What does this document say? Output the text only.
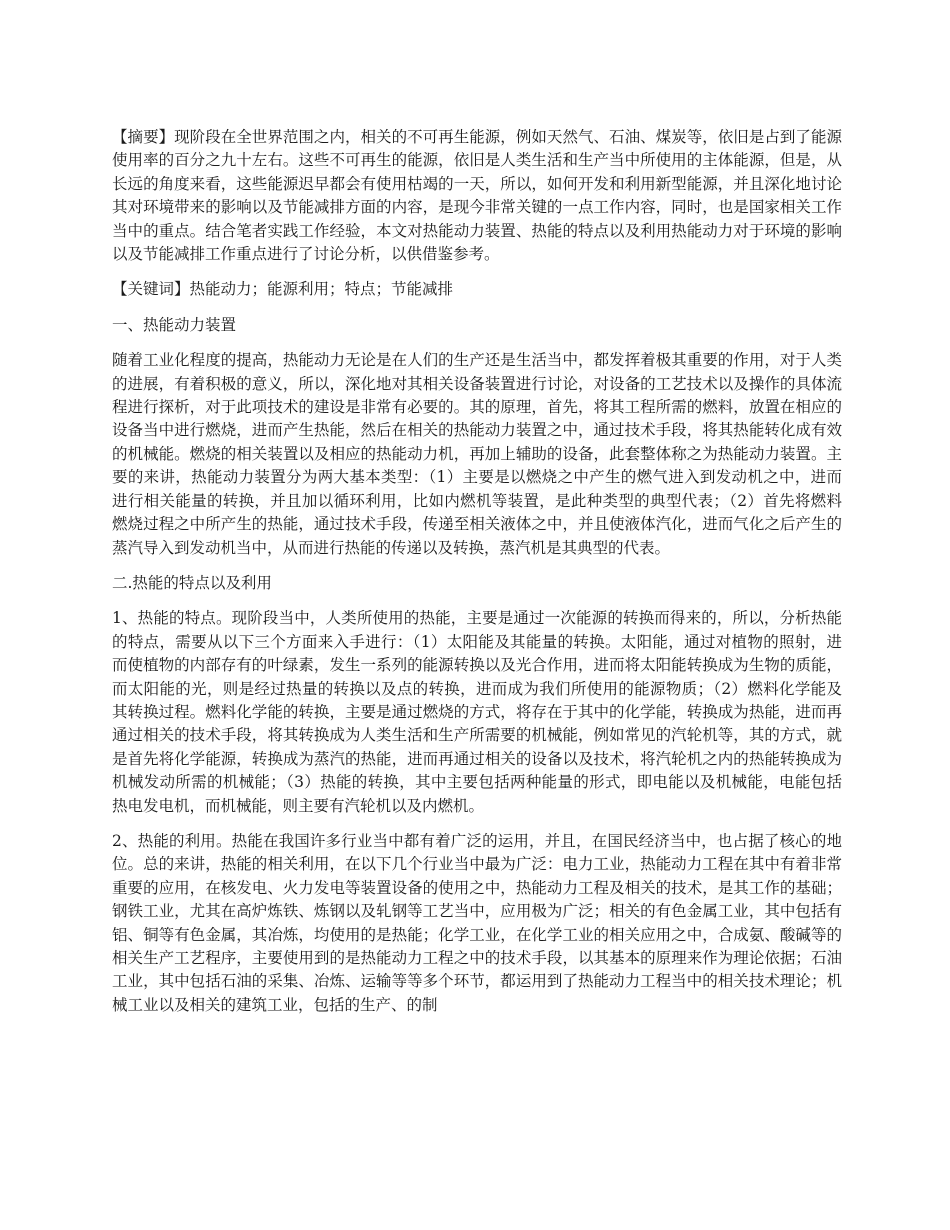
【摘要】现阶段在全世界范围之内，相关的不可再生能源，例如天然气、石油、煤炭等，依旧是占到了能源使用率的百分之九十左右。这些不可再生的能源，依旧是人类生活和生产当中所使用的主体能源，但是，从长远的角度来看，这些能源迟早都会有使用枯竭的一天，所以，如何开发和利用新型能源，并且深化地讨论其对环境带来的影响以及节能减排方面的内容，是现今非常关键的一点工作内容，同时，也是国家相关工作当中的重点。结合笔者实践工作经验，本文对热能动力装置、热能的特点以及利用热能动力对于环境的影响以及节能减排工作重点进行了讨论分析，以供借鉴参考。

【关键词】热能动力；能源利用；特点；节能减排

一、热能动力装置

随着工业化程度的提高，热能动力无论是在人们的生产还是生活当中，都发挥着极其重要的作用，对于人类的进展，有着积极的意义，所以，深化地对其相关设备装置进行讨论，对设备的工艺技术以及操作的具体流程进行探析，对于此项技术的建设是非常有必要的。其的原理，首先，将其工程所需的燃料，放置在相应的设备当中进行燃烧，进而产生热能，然后在相关的热能动力装置之中，通过技术手段，将其热能转化成有效的机械能。燃烧的相关装置以及相应的热能动力机，再加上辅助的设备，此套整体称之为热能动力装置。主要的来讲，热能动力装置分为两大基本类型：（1）主要是以燃烧之中产生的燃气进入到发动机之中，进而进行相关能量的转换，并且加以循环利用，比如内燃机等装置，是此种类型的典型代表；（2）首先将燃料燃烧过程之中所产生的热能，通过技术手段，传递至相关液体之中，并且使液体汽化，进而气化之后产生的蒸汽导入到发动机当中，从而进行热能的传递以及转换，蒸汽机是其典型的代表。

二.热能的特点以及利用

1、热能的特点。现阶段当中，人类所使用的热能，主要是通过一次能源的转换而得来的，所以，分析热能的特点，需要从以下三个方面来入手进行：（1）太阳能及其能量的转换。太阳能，通过对植物的照射，进而使植物的内部存有的叶绿素，发生一系列的能源转换以及光合作用，进而将太阳能转换成为生物的质能，而太阳能的光，则是经过热量的转换以及点的转换，进而成为我们所使用的能源物质；（2）燃料化学能及其转换过程。燃料化学能的转换，主要是通过燃烧的方式，将存在于其中的化学能，转换成为热能，进而再通过相关的技术手段，将其转换成为人类生活和生产所需要的机械能，例如常见的汽轮机等，其的方式，就是首先将化学能源，转换成为蒸汽的热能，进而再通过相关的设备以及技术，将汽轮机之内的热能转换成为机械发动所需的机械能；（3）热能的转换，其中主要包括两种能量的形式，即电能以及机械能，电能包括热电发电机，而机械能，则主要有汽轮机以及内燃机。

2、热能的利用。热能在我国许多行业当中都有着广泛的运用，并且，在国民经济当中，也占据了核心的地位。总的来讲，热能的相关利用，在以下几个行业当中最为广泛：电力工业，热能动力工程在其中有着非常重要的应用，在核发电、火力发电等装置设备的使用之中，热能动力工程及相关的技术，是其工作的基础；钢铁工业，尤其在高炉炼铁、炼钢以及轧钢等工艺当中，应用极为广泛；相关的有色金属工业，其中包括有铝、铜等有色金属，其冶炼，均使用的是热能；化学工业，在化学工业的相关应用之中，合成氨、酸碱等的相关生产工艺程序，主要使用到的是热能动力工程之中的技术手段，以其基本的原理来作为理论依据；石油工业，其中包括石油的采集、冶炼、运输等等多个环节，都运用到了热能动力工程当中的相关技术理论；机械工业以及相关的建筑工业，包括的生产、的制
